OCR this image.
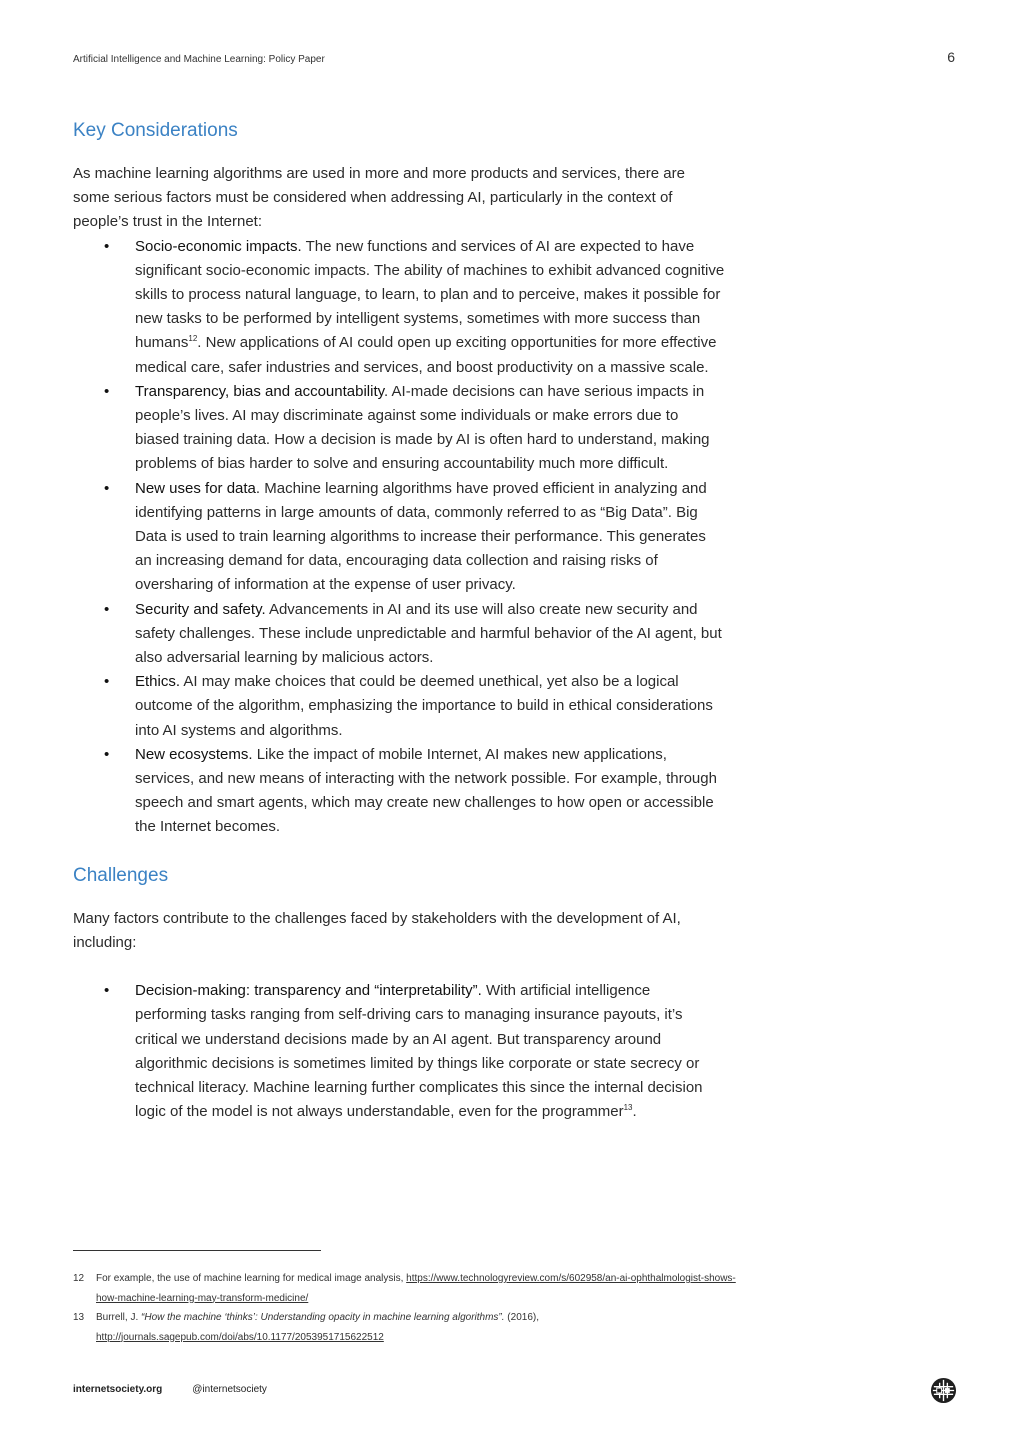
Artificial Intelligence and Machine Learning: Policy Paper	6
Key Considerations

As machine learning algorithms are used in more and more products and services, there are some serious factors must be considered when addressing AI, particularly in the context of people’s trust in the Internet:

• Socio-economic impacts. The new functions and services of AI are expected to have significant socio-economic impacts. The ability of machines to exhibit advanced cognitive skills to process natural language, to learn, to plan and to perceive, makes it possible for new tasks to be performed by intelligent systems, sometimes with more success than humans$^{12}$. New applications of AI could open up exciting opportunities for more effective medical care, safer industries and services, and boost productivity on a massive scale.
• Transparency, bias and accountability. AI-made decisions can have serious impacts in people’s lives. AI may discriminate against some individuals or make errors due to biased training data. How a decision is made by AI is often hard to understand, making problems of bias harder to solve and ensuring accountability much more difficult.
• New uses for data. Machine learning algorithms have proved efficient in analyzing and identifying patterns in large amounts of data, commonly referred to as “Big Data”. Big Data is used to train learning algorithms to increase their performance. This generates an increasing demand for data, encouraging data collection and raising risks of oversharing of information at the expense of user privacy.
• Security and safety. Advancements in AI and its use will also create new security and safety challenges. These include unpredictable and harmful behavior of the AI agent, but also adversarial learning by malicious actors.
• Ethics. AI may make choices that could be deemed unethical, yet also be a logical outcome of the algorithm, emphasizing the importance to build in ethical considerations into AI systems and algorithms.
• New ecosystems. Like the impact of mobile Internet, AI makes new applications, services, and new means of interacting with the network possible. For example, through speech and smart agents, which may create new challenges to how open or accessible the Internet becomes.
Challenges

Many factors contribute to the challenges faced by stakeholders with the development of AI, including:

• Decision-making: transparency and “interpretability”. With artificial intelligence performing tasks ranging from self-driving cars to managing insurance payouts, it’s critical we understand decisions made by an AI agent. But transparency around algorithmic decisions is sometimes limited by things like corporate or state secrecy or technical literacy. Machine learning further complicates this since the internal decision logic of the model is not always understandable, even for the programmer$^{13}$.
12 For example, the use of machine learning for medical image analysis, https://www.technologyreview.com/s/602958/an-ai-ophthalmologist-shows-how-machine-learning-may-transform-medicine/
13 Burrell, J. “How the machine ‘thinks’: Understanding opacity in machine learning algorithms”. (2016),
http://journals.sagepub.com/doi/abs/10.1177/2053951715622512
internetsociety.org	@internetsociety
